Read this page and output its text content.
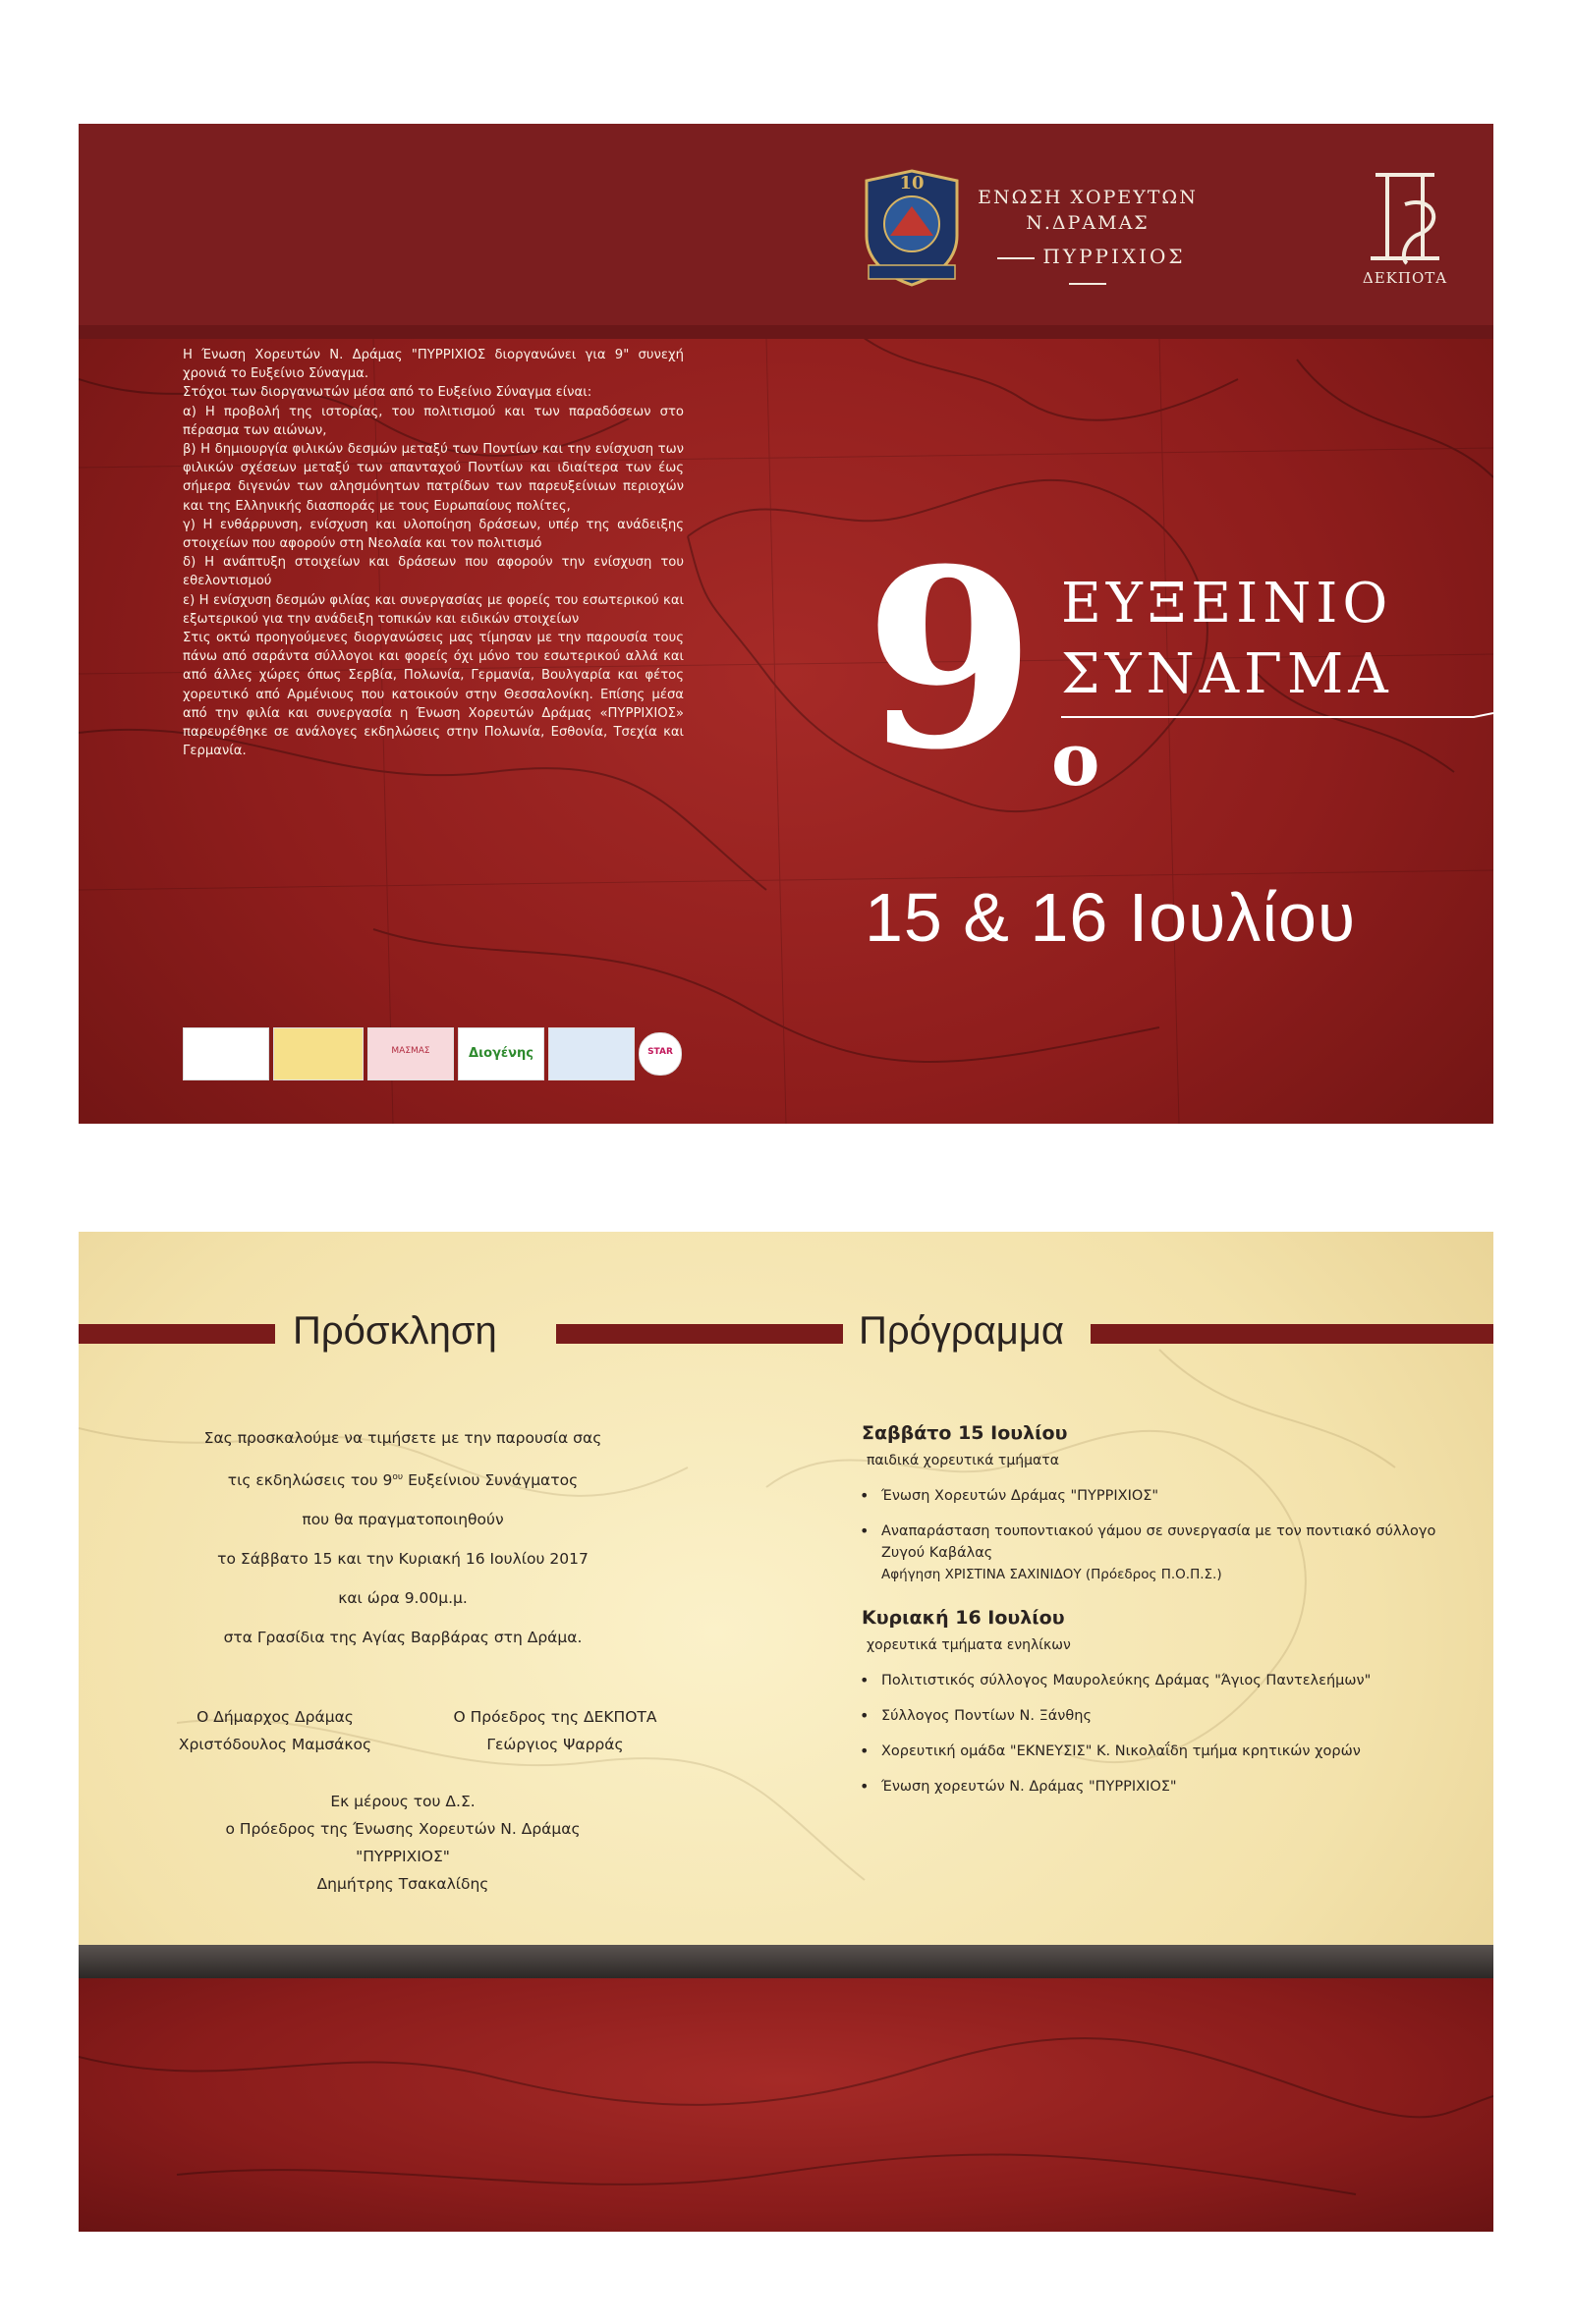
10
ΕΝΩΣΗ ΧΟΡΕΥΤΩΝ
Ν.ΔΡΑΜΑΣ
ΠΥΡΡΙΧΙΟΣ
ΔΕΚΠΟΤΑ

Η Ένωση Χορευτών Ν. Δράμας "ΠΥΡΡΙΧΙΟΣ διοργανώνει για 9" συνεχή χρονιά το Ευξείνιο Σύναγμα.

Στόχοι των διοργανωτών μέσα από το Ευξείνιο Σύναγμα είναι:

α) Η προβολή της ιστορίας, του πολιτισμού και των παραδόσεων στο πέρασμα των αιώνων,

β) Η δημιουργία φιλικών δεσμών μεταξύ των Ποντίων και την ενίσχυση των φιλικών σχέσεων μεταξύ των απανταχού Ποντίων και ιδιαίτερα των έως σήμερα διγενών των αλησμόνητων πατρίδων των παρευξείνιων περιοχών και της Ελληνικής διασποράς με τους Ευρωπαίους πολίτες,

γ) Η ενθάρρυνση, ενίσχυση και υλοποίηση δράσεων, υπέρ της ανάδειξης στοιχείων που αφορούν στη Νεολαία και τον πολιτισμό

δ) Η ανάπτυξη στοιχείων και δράσεων που αφορούν την ενίσχυση του εθελοντισμού

ε) Η ενίσχυση δεσμών φιλίας και συνεργασίας με φορείς του εσωτερικού και εξωτερικού για την ανάδειξη τοπικών και ειδικών στοιχείων

Στις οκτώ προηγούμενες διοργανώσεις μας τίμησαν με την παρουσία τους πάνω από σαράντα σύλλογοι και φορείς όχι μόνο του εσωτερικού αλλά και από άλλες χώρες όπως Σερβία, Πολωνία, Γερμανία, Βουλγαρία και φέτος χορευτικό από Αρμένιους που κατοικούν στην Θεσσαλονίκη. Επίσης μέσα από την φιλία και συνεργασία η Ένωση Χορευτών Δράμας «ΠΥΡΡΙΧΙΟΣ» παρευρέθηκε σε ανάλογες εκδηλώσεις στην Πολωνία, Εσθονία, Τσεχία και Γερμανία.	9 ο
ΕΥΞΕΙΝΙΟ
ΣΥΝΑΓΜΑ
15 & 16 Ιουλίου
ΜΑΣΜΑΣ	Διογένης	STAR
Πρόσκληση	Πρόγραμμα

Σας προσκαλούμε να τιμήσετε με την παρουσία σας

τις εκδηλώσεις του $9^{o\upsilon}$ Ευξείνιου Συνάγματος

που θα πραγματοποιηθούν

το Σάββατο 15 και την Κυριακή 16 Ιουλίου 2017

και ώρα 9.00μ.μ.

στα Γρασίδια της Αγίας Βαρβάρας στη Δράμα.

Ο Δήμαρχος Δράμας
Χριστόδουλος Μαμσάκος
Ο Πρόεδρος της ΔΕΚΠΟΤΑ
Γεώργιος Ψαρράς
Εκ μέρους του Δ.Σ.
ο Πρόεδρος της Ένωσης Χορευτών Ν. Δράμας "ΠΥΡΡΙΧΙΟΣ"
Δημήτρης Τσακαλίδης

Σαββάτο 15 Ιουλίου

παιδικά χορευτικά τμήματα

• Ένωση Χορευτών Δράμας "ΠΥΡΡΙΧΙΟΣ"
• Αναπαράσταση τουποντιακού γάμου σε συνεργασία με τον ποντιακό σύλλογο Ζυγού Καβάλας
Αφήγηση ΧΡΙΣΤΙΝΑ ΣΑΧΙΝΙΔΟΥ (Πρόεδρος Π.Ο.Π.Σ.)

Κυριακή 16 Ιουλίου

χορευτικά τμήματα ενηλίκων

• Πολιτιστικός σύλλογος Μαυρολεύκης Δράμας "Άγιος Παντελεήμων"
• Σύλλογος Ποντίων Ν. Ξάνθης
• Χορευτική ομάδα "ΕΚΝΕΥΣΙΣ" Κ. Νικολαΐδη τμήμα κρητικών χορών
• Ένωση χορευτών Ν. Δράμας "ΠΥΡΡΙΧΙΟΣ"
